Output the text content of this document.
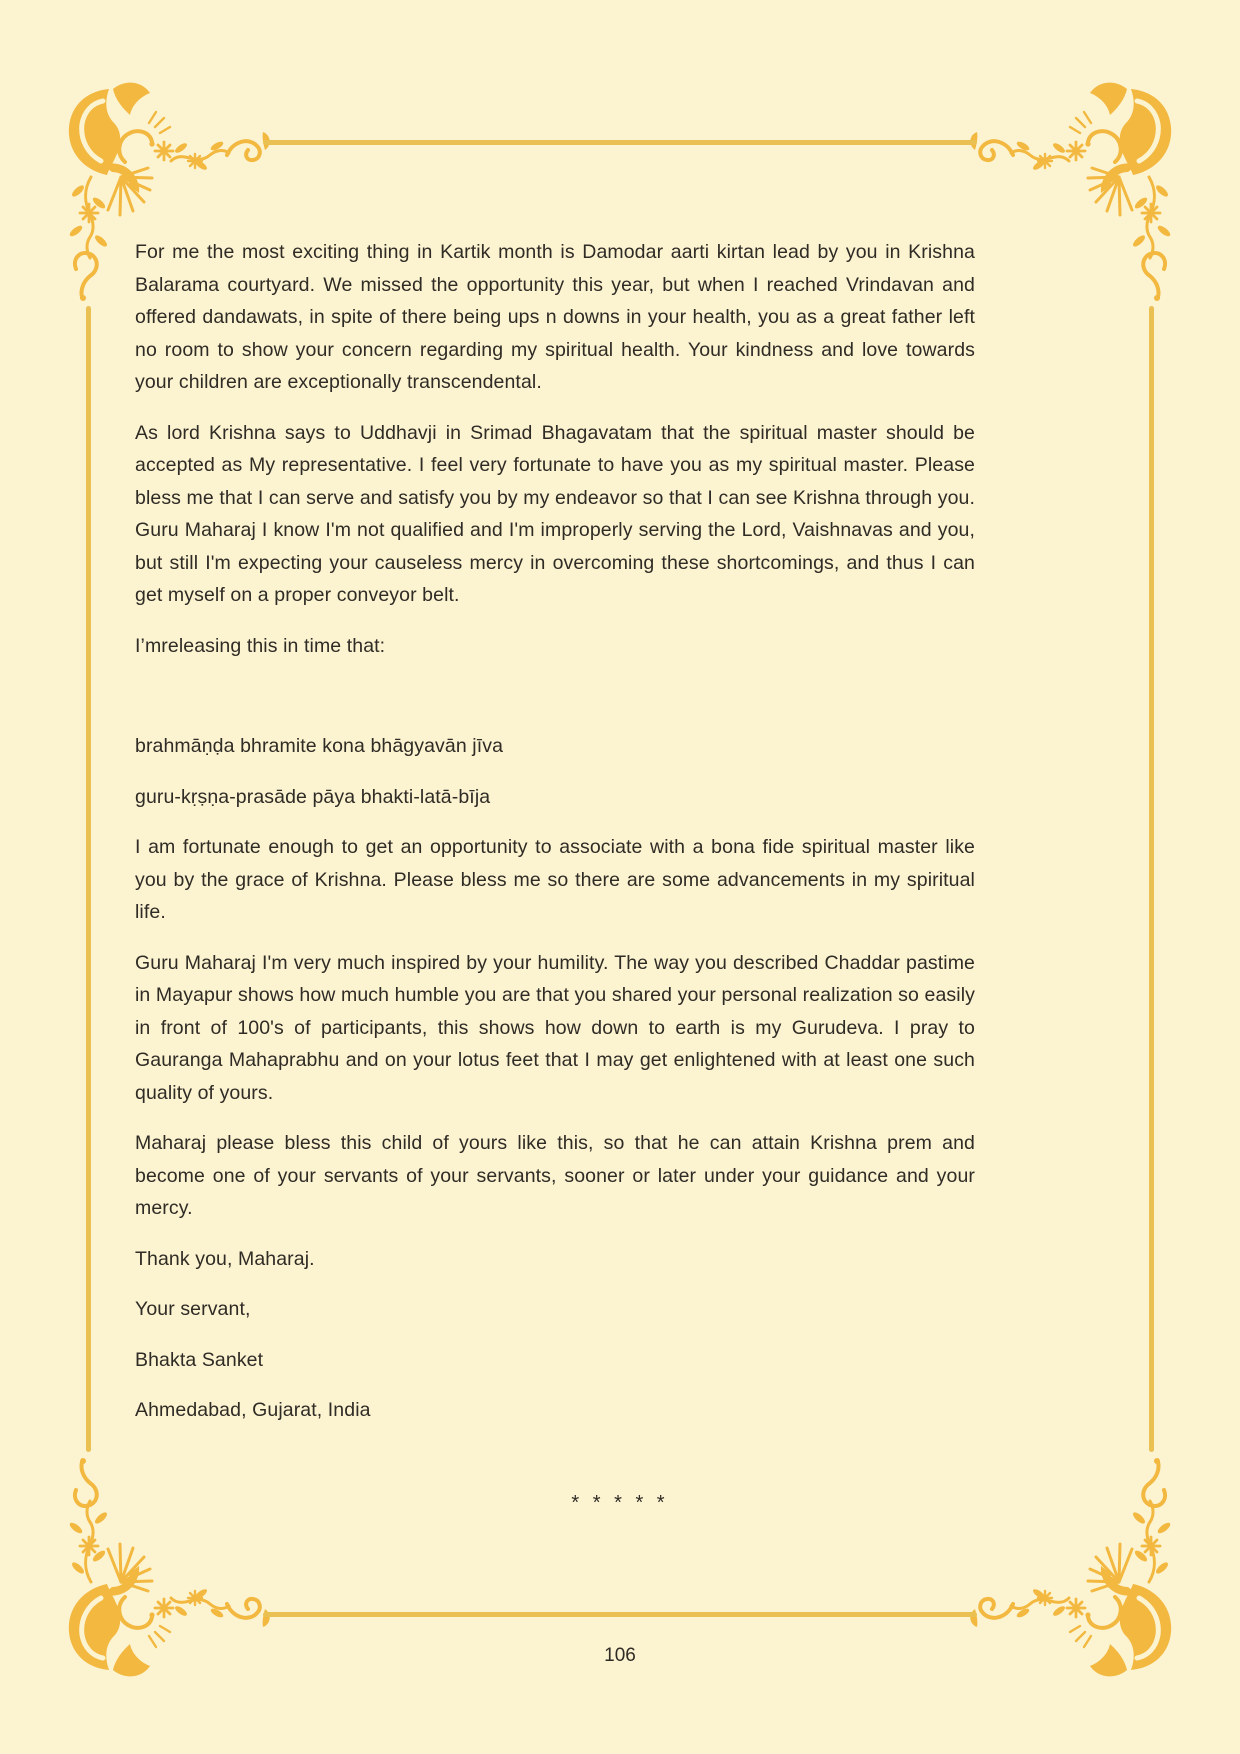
For me the most exciting thing in Kartik month is Damodar aarti kirtan lead by you in Krishna Balarama courtyard. We missed the opportunity this year, but when I reached Vrindavan and offered dandawats, in spite of there being ups n downs in your health, you as a great father left no room to show your concern regarding my spiritual health. Your kindness and love towards your children are exceptionally transcendental.

As lord Krishna says to Uddhavji in Srimad Bhagavatam that the spiritual master should be accepted as My representative. I feel very fortunate to have you as my spiritual master. Please bless me that I can serve and satisfy you by my endeavor so that I can see Krishna through you. Guru Maharaj I know I'm not qualified and I'm improperly serving the Lord, Vaishnavas and you, but still I'm expecting your causeless mercy in overcoming these shortcomings, and thus I can get myself on a proper conveyor belt.

I’mreleasing this in time that:

brahmāṇḍa bhramite kona bhāgyavān jīva

guru-kṛṣṇa-prasāde pāya bhakti-latā-bīja

I am fortunate enough to get an opportunity to associate with a bona fide spiritual master like you by the grace of Krishna. Please bless me so there are some advancements in my spiritual life.

Guru Maharaj I'm very much inspired by your humility. The way you described Chaddar pastime in Mayapur shows how much humble you are that you shared your personal realization so easily in front of 100's of participants, this shows how down to earth is my Gurudeva. I pray to Gauranga Mahaprabhu and on your lotus feet that I may get enlightened with at least one such quality of yours.

Maharaj please bless this child of yours like this, so that he can attain Krishna prem and become one of your servants of your servants, sooner or later under your guidance and your mercy.

Thank you, Maharaj.

Your servant,

Bhakta Sanket

Ahmedabad, Gujarat, India

* * * * *
106
